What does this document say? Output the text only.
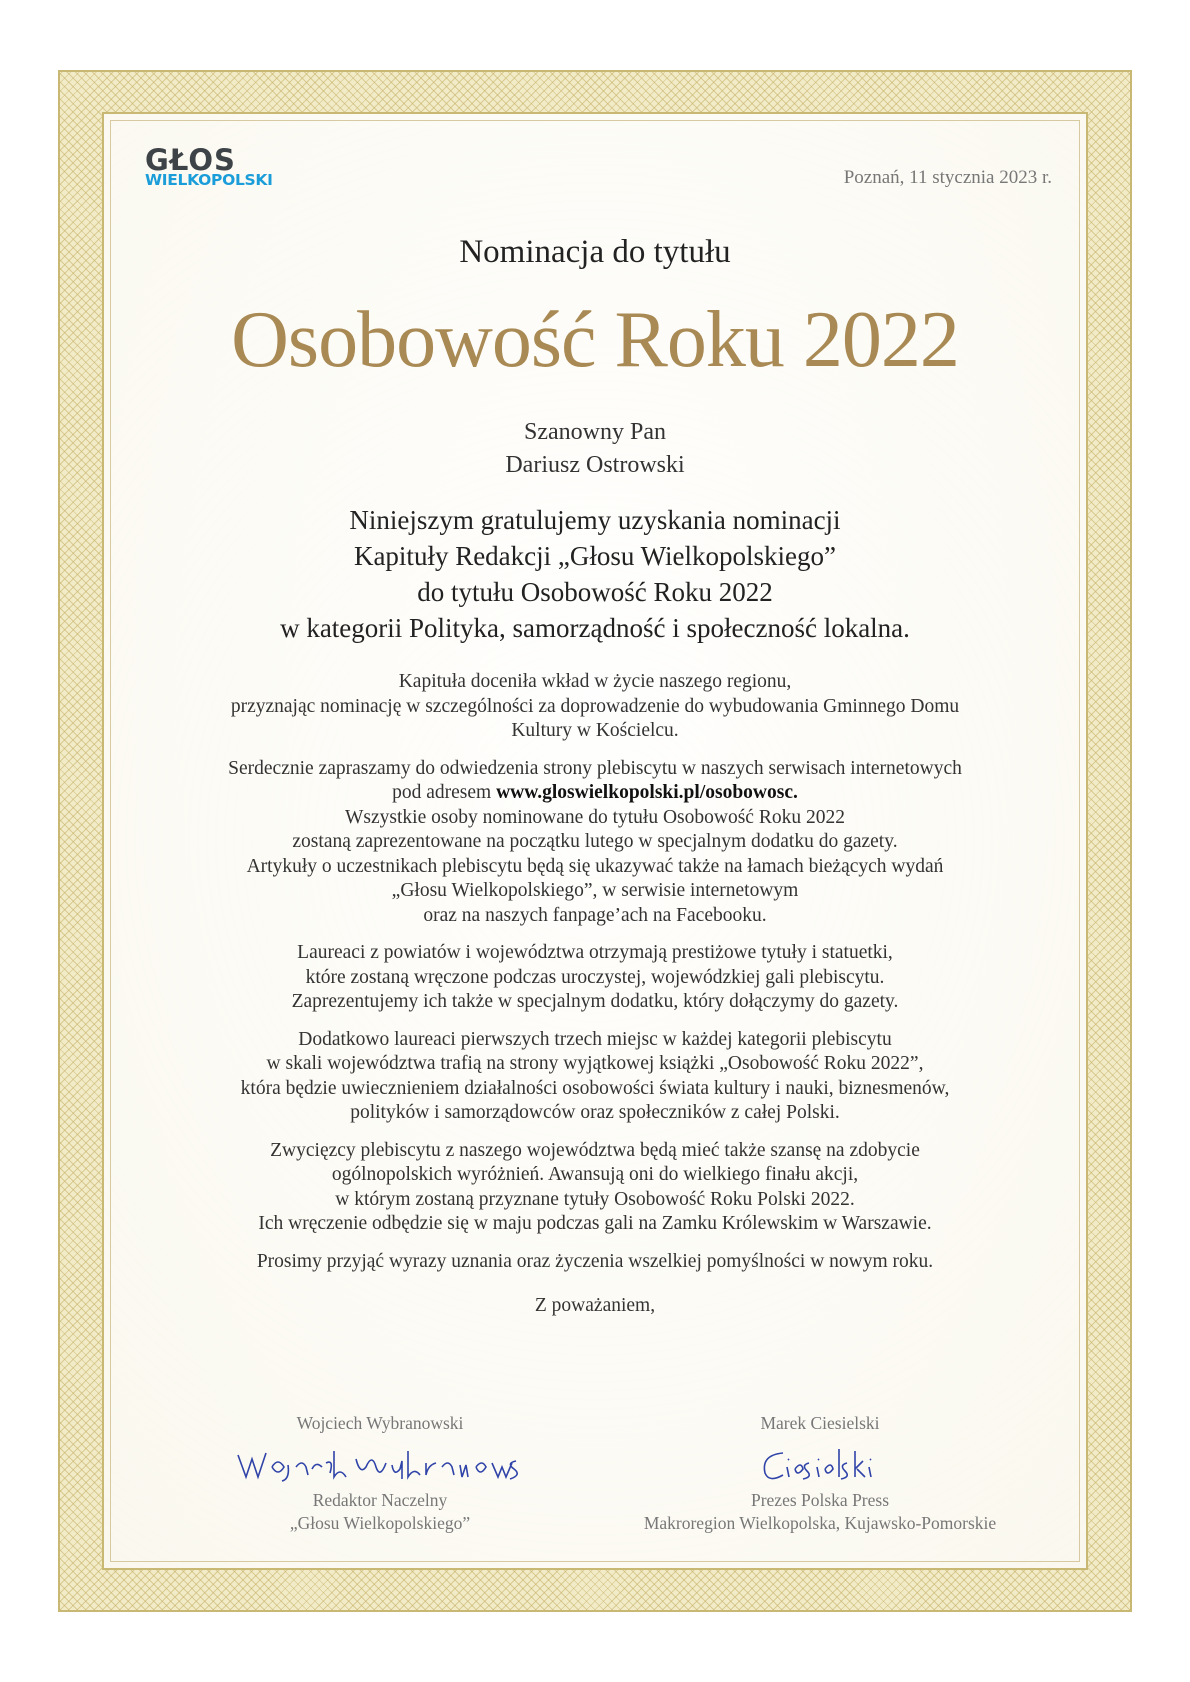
GŁOS
WIELKOPOLSKI	Poznań, 11 stycznia 2023 r.
Nominacja do tytułu
Osobowość Roku 2022
Szanowny Pan
Dariusz Ostrowski
Niniejszym gratulujemy uzyskania nominacji
Kapituły Redakcji „Głosu Wielkopolskiego”
do tytułu Osobowość Roku 2022
w kategorii Polityka, samorządność i społeczność lokalna.

Kapituła doceniła wkład w życie naszego regionu,
przyznając nominację w szczególności za doprowadzenie do wybudowania Gminnego Domu
Kultury w Kościelcu.

Serdecznie zapraszamy do odwiedzenia strony plebiscytu w naszych serwisach internetowych
pod adresem www.gloswielkopolski.pl/osobowosc.
Wszystkie osoby nominowane do tytułu Osobowość Roku 2022
zostaną zaprezentowane na początku lutego w specjalnym dodatku do gazety.
Artykuły o uczestnikach plebiscytu będą się ukazywać także na łamach bieżących wydań
„Głosu Wielkopolskiego”, w serwisie internetowym
oraz na naszych fanpage’ach na Facebooku.

Laureaci z powiatów i województwa otrzymają prestiżowe tytuły i statuetki,
które zostaną wręczone podczas uroczystej, wojewódzkiej gali plebiscytu.
Zaprezentujemy ich także w specjalnym dodatku, który dołączymy do gazety.

Dodatkowo laureaci pierwszych trzech miejsc w każdej kategorii plebiscytu
w skali województwa trafią na strony wyjątkowej książki „Osobowość Roku 2022”,
która będzie uwiecznieniem działalności osobowości świata kultury i nauki, biznesmenów,
polityków i samorządowców oraz społeczników z całej Polski.

Zwycięzcy plebiscytu z naszego województwa będą mieć także szansę na zdobycie
ogólnopolskich wyróżnień. Awansują oni do wielkiego finału akcji,
w którym zostaną przyznane tytuły Osobowość Roku Polski 2022.
Ich wręczenie odbędzie się w maju podczas gali na Zamku Królewskim w Warszawie.

Prosimy przyjąć wyrazy uznania oraz życzenia wszelkiej pomyślności w nowym roku.

Z poważaniem,
Wojciech Wybranowski
Redaktor Naczelny
„Głosu Wielkopolskiego”
Marek Ciesielski
Prezes Polska Press
Makroregion Wielkopolska, Kujawsko-Pomorskie
